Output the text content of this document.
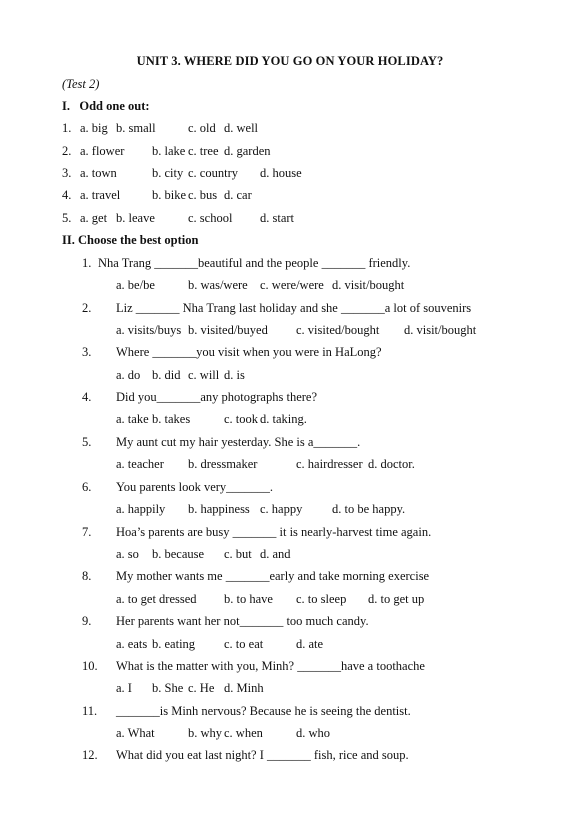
UNIT 3. WHERE DID YOU GO ON YOUR HOLIDAY?
(Test 2)
I.   Odd one out:
1. a. big b. small	c. old d. well
2. a. flower b. lake c. tree d. garden
3. a. town	b. city c. country d. house
4. a. travel	b. bike c. bus d. car
5. a. get b. leave	c. school d. start
II. Choose the best option
1. Nha Trang _______beautiful and the people _______ friendly.
a. be/be	b. was/were c. were/were d. visit/bought
2. Liz _______ Nha Trang last holiday and she _______a lot of souvenirs
a. visits/buys b. visited/buyed c. visited/bought d. visit/bought
3. Where _______you visit when you were in HaLong?
a. do b. did c. will d. is
4. Did you_______any photographs there?
a. take b. takes	c. took d. taking.
5. My aunt cut my hair yesterday. She is a_______.
a. teacher b. dressmaker	c. hairdresser d. doctor.
6. You parents look very_______.
a. happily b. happiness c. happy d. to be happy.
7. Hoa’s parents are busy _______ it is nearly-harvest time again.
a. so b. because c. but d. and
8. My mother wants me _______early and take morning exercise
a. to get dressed b. to have c. to sleep d. to get up
9. Her parents want her not_______ too much candy.
a. eats b. eating c. to eat	d. ate
10. What is the matter with you, Minh? _______have a toothache
a. I b. She c. He d. Minh
11. _______is Minh nervous? Because he is seeing the dentist.
a. What	b. why c. when	d. who
12. What did you eat last night? I _______ fish, rice and soup.
